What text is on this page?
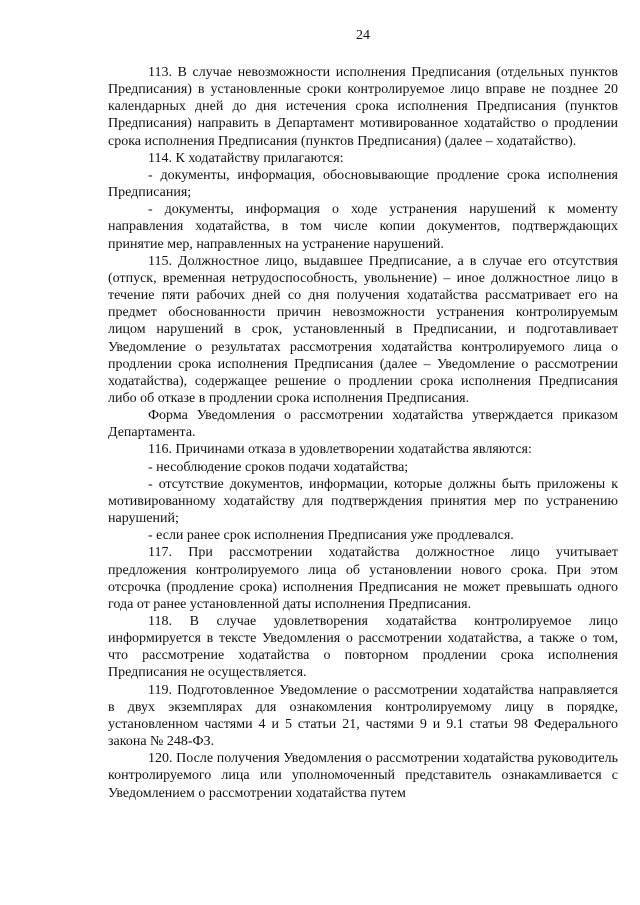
24

113. В случае невозможности исполнения Предписания (отдельных пунктов Предписания) в установленные сроки контролируемое лицо вправе не позднее 20 календарных дней до дня истечения срока исполнения Предписания (пунктов Предписания) направить в Департамент мотивированное ходатайство о продлении срока исполнения Предписания (пунктов Предписания) (далее – ходатайство).

114. К ходатайству прилагаются:

- документы, информация, обосновывающие продление срока исполнения Предписания;

- документы, информация о ходе устранения нарушений к моменту направления ходатайства, в том числе копии документов, подтверждающих принятие мер, направленных на устранение нарушений.

115. Должностное лицо, выдавшее Предписание, а в случае его отсутствия (отпуск, временная нетрудоспособность, увольнение) – иное должностное лицо в течение пяти рабочих дней со дня получения ходатайства рассматривает его на предмет обоснованности причин невозможности устранения контролируемым лицом нарушений в срок, установленный в Предписании, и подготавливает Уведомление о результатах рассмотрения ходатайства контролируемого лица о продлении срока исполнения Предписания (далее – Уведомление о рассмотрении ходатайства), содержащее решение о продлении срока исполнения Предписания либо об отказе в продлении срока исполнения Предписания.

Форма Уведомления о рассмотрении ходатайства утверждается приказом Департамента.

116. Причинами отказа в удовлетворении ходатайства являются:

- несоблюдение сроков подачи ходатайства;

- отсутствие документов, информации, которые должны быть приложены к мотивированному ходатайству для подтверждения принятия мер по устранению нарушений;

- если ранее срок исполнения Предписания уже продлевался.

117. При рассмотрении ходатайства должностное лицо учитывает предложения контролируемого лица об установлении нового срока. При этом отсрочка (продление срока) исполнения Предписания не может превышать одного года от ранее установленной даты исполнения Предписания.

118. В случае удовлетворения ходатайства контролируемое лицо информируется в тексте Уведомления о рассмотрении ходатайства, а также о том, что рассмотрение ходатайства о повторном продлении срока исполнения Предписания не осуществляется.

119. Подготовленное Уведомление о рассмотрении ходатайства направляется в двух экземплярах для ознакомления контролируемому лицу в порядке, установленном частями 4 и 5 статьи 21, частями 9 и 9.1 статьи 98 Федерального закона № 248-ФЗ.

120. После получения Уведомления о рассмотрении ходатайства руководитель контролируемого лица или уполномоченный представитель ознакамливается с Уведомлением о рассмотрении ходатайства путем
